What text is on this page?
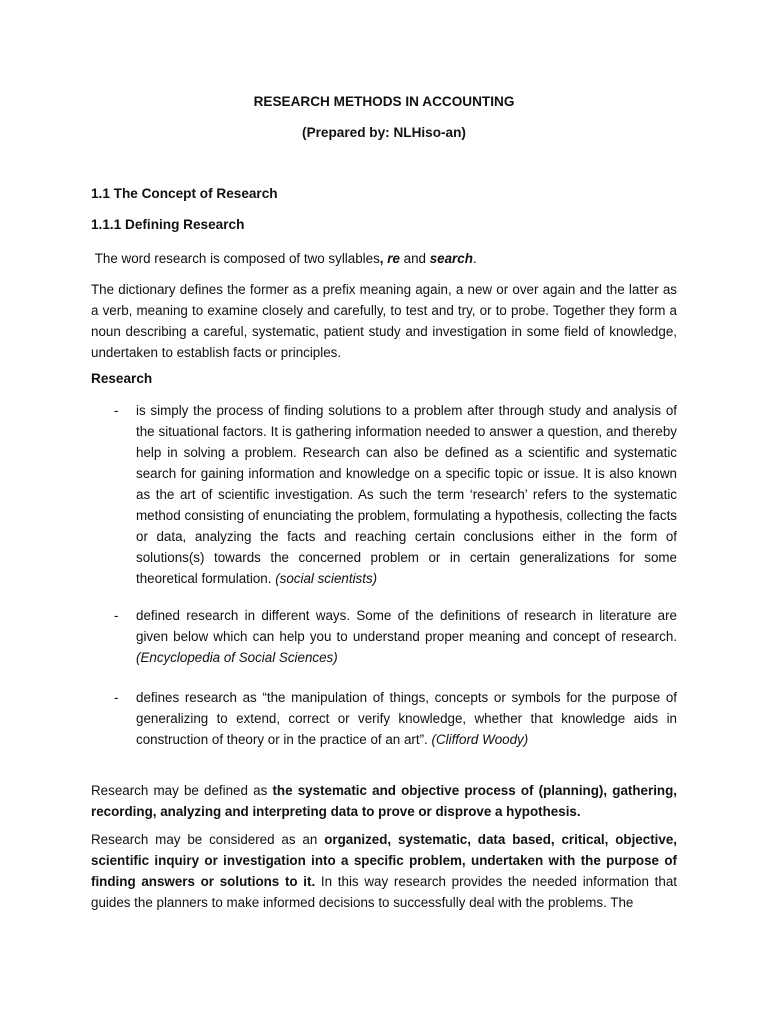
RESEARCH METHODS IN ACCOUNTING
(Prepared by: NLHiso-an)
1.1 The Concept of Research
1.1.1 Defining Research

The word research is composed of two syllables, re and search.

The dictionary defines the former as a prefix meaning again, a new or over again and the latter as a verb, meaning to examine closely and carefully, to test and try, or to probe. Together they form a noun describing a careful, systematic, patient study and investigation in some field of knowledge, undertaken to establish facts or principles.

Research
- is simply the process of finding solutions to a problem after through study and analysis of the situational factors. It is gathering information needed to answer a question, and thereby help in solving a problem. Research can also be defined as a scientific and systematic search for gaining information and knowledge on a specific topic or issue. It is also known as the art of scientific investigation. As such the term ‘research’ refers to the systematic method consisting of enunciating the problem, formulating a hypothesis, collecting the facts or data, analyzing the facts and reaching certain conclusions either in the form of solutions(s) towards the concerned problem or in certain generalizations for some theoretical formulation. (social scientists)

- defined research in different ways. Some of the definitions of research in literature are given below which can help you to understand proper meaning and concept of research. (Encyclopedia of Social Sciences)

- defines research as “the manipulation of things, concepts or symbols for the purpose of generalizing to extend, correct or verify knowledge, whether that knowledge aids in construction of theory or in the practice of an art”. (Clifford Woody)

Research may be defined as the systematic and objective process of (planning), gathering, recording, analyzing and interpreting data to prove or disprove a hypothesis.

Research may be considered as an organized, systematic, data based, critical, objective, scientific inquiry or investigation into a specific problem, undertaken with the purpose of finding answers or solutions to it. In this way research provides the needed information that guides the planners to make informed decisions to successfully deal with the problems. The
